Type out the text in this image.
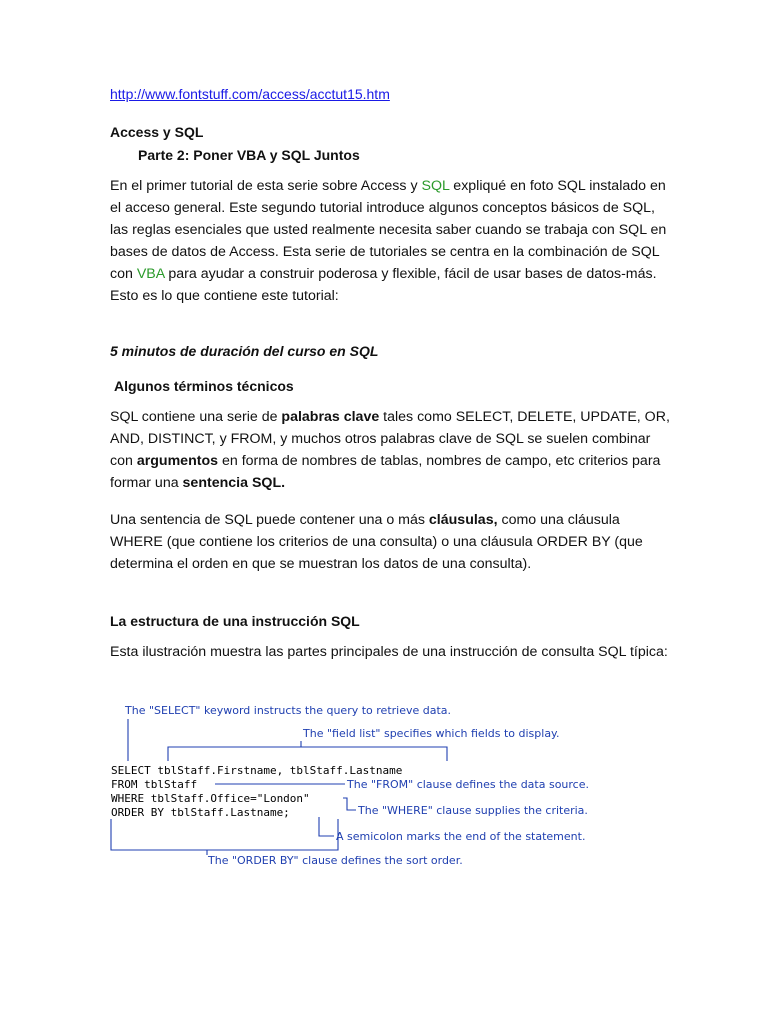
http://www.fontstuff.com/access/acctut15.htm
Access y SQL
Parte 2: Poner VBA y SQL Juntos
En el primer tutorial de esta serie sobre Access y SQL expliqué en foto SQL instalado en el acceso general. Este segundo tutorial introduce algunos conceptos básicos de SQL, las reglas esenciales que usted realmente necesita saber cuando se trabaja con SQL en bases de datos de Access. Esta serie de tutoriales se centra en la combinación de SQL con VBA para ayudar a construir poderosa y flexible, fácil de usar bases de datos-más. Esto es lo que contiene este tutorial:
5 minutos de duración del curso en SQL
Algunos términos técnicos
SQL contiene una serie de palabras clave tales como SELECT, DELETE, UPDATE, OR, AND, DISTINCT, y FROM, y muchos otros palabras clave de SQL se suelen combinar con argumentos en forma de nombres de tablas, nombres de campo, etc criterios para formar una sentencia SQL.
Una sentencia de SQL puede contener una o más cláusulas, como una cláusula WHERE (que contiene los criterios de una consulta) o una cláusula ORDER BY (que determina el orden en que se muestran los datos de una consulta).
La estructura de una instrucción SQL
Esta ilustración muestra las partes principales de una instrucción de consulta SQL típica:
The "SELECT" keyword instructs the query to retrieve data.
The "field list" specifies which fields to display.
SELECT tblStaff.Firstname, tblStaff.Lastname
FROM tblStaff
WHERE tblStaff.Office="London"
ORDER BY tblStaff.Lastname;
The "FROM" clause defines the data source.
The "WHERE" clause supplies the criteria.
A semicolon marks the end of the statement.
The "ORDER BY" clause defines the sort order.
